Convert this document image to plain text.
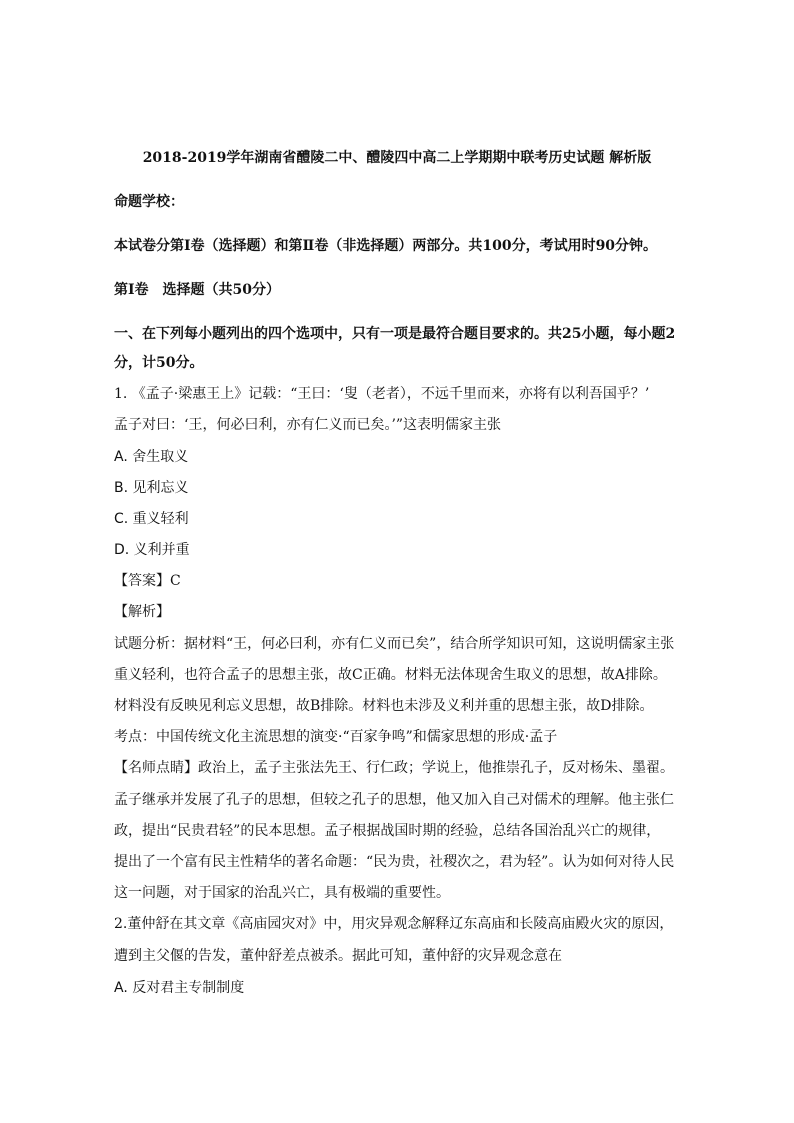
2018-2019学年湖南省醴陵二中、醴陵四中高二上学期期中联考历史试题 解析版
命题学校：
本试卷分第Ⅰ卷（选择题）和第Ⅱ卷（非选择题）两部分。共100分，考试用时90分钟。
第Ⅰ卷　选择题（共50分）
一、在下列每小题列出的四个选项中，只有一项是最符合题目要求的。共25小题，每小题2
分，计50分。
1. 《孟子·梁惠王上》记载：“王曰：‘叟（老者），不远千里而来，亦将有以利吾国乎？’
孟子对曰：‘王，何必曰利，亦有仁义而已矣。’”这表明儒家主张
A. 舍生取义
B. 见利忘义
C. 重义轻利
D. 义利并重
【答案】C
【解析】
试题分析：据材料“王，何必曰利，亦有仁义而已矣”，结合所学知识可知，这说明儒家主张
重义轻利，也符合孟子的思想主张，故C正确。材料无法体现舍生取义的思想，故A排除。
材料没有反映见利忘义思想，故B排除。材料也未涉及义利并重的思想主张，故D排除。
考点：中国传统文化主流思想的演变·“百家争鸣”和儒家思想的形成·孟子
【名师点睛】政治上，孟子主张法先王、行仁政；学说上，他推崇孔子，反对杨朱、墨翟。
孟子继承并发展了孔子的思想，但较之孔子的思想，他又加入自己对儒术的理解。他主张仁
政，提出“民贵君轻”的民本思想。孟子根据战国时期的经验，总结各国治乱兴亡的规律，
提出了一个富有民主性精华的著名命题：“民为贵，社稷次之，君为轻”。认为如何对待人民
这一问题，对于国家的治乱兴亡，具有极端的重要性。
2.董仲舒在其文章《高庙园灾对》中，用灾异观念解释辽东高庙和长陵高庙殿火灾的原因，
遭到主父偃的告发，董仲舒差点被杀。据此可知，董仲舒的灾异观念意在
A. 反对君主专制制度
